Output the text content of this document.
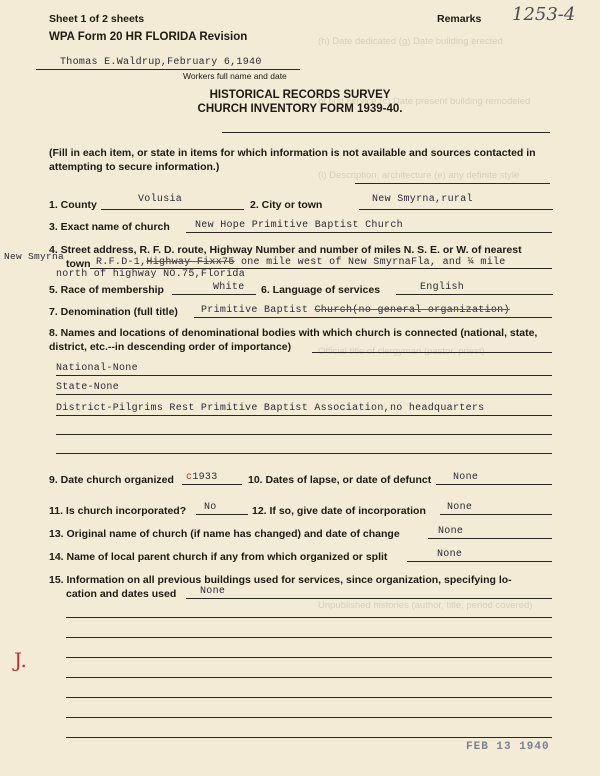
(h) Date dedicated (g) Date building erected
of first service (c) Date present building remodeled
(i) Description, architecture (e) any definite style
Official title of clergyman (pastor, priest)
Unpublished histories (author, title, period covered)
Sheet 1 of 2 sheets	Remarks 1253-4
WPA Form 20 HR FLORIDA Revision
Thomas E.Waldrup,February 6,1940
Workers full name and date
HISTORICAL RECORDS SURVEY
CHURCH INVENTORY FORM 1939-40.
(Fill in each item, or state in items for which information is not available and sources contacted in attempting to secure information.)
1. County	Volusia	2. City or town	New Smyrna,rural
3. Exact name of church	New Hope Primitive Baptist Church
4. Street address, R. F. D. route, Highway Number and number of miles N. S. E. or W. of nearest
New Smyrna
town R.F.D-1,Highway Fixx75 one mile west of New SmyrnaFla, and ¼ mile
north of highway NO.75,Florida
5. Race of membership	White 6. Language of services	English
7. Denomination (full title) Primitive Baptist Church(no general organization)
8. Names and locations of denominational bodies with which church is connected (national, state, district, etc.--in descending order of importance)
National-None
State-None
District-Pilgrims Rest Primitive Baptist Association,no headquarters
9. Date church organized c1933	10. Dates of lapse, or date of defunct None
11. Is church incorporated? No	12. If so, give date of incorporation None
13. Original name of church (if name has changed) and date of change	None
14. Name of local parent church if any from which organized or split	None
15. Information on all previous buildings used for services, since organization, specifying lo-
cation and dates used None
J.
FEB 13 1940
